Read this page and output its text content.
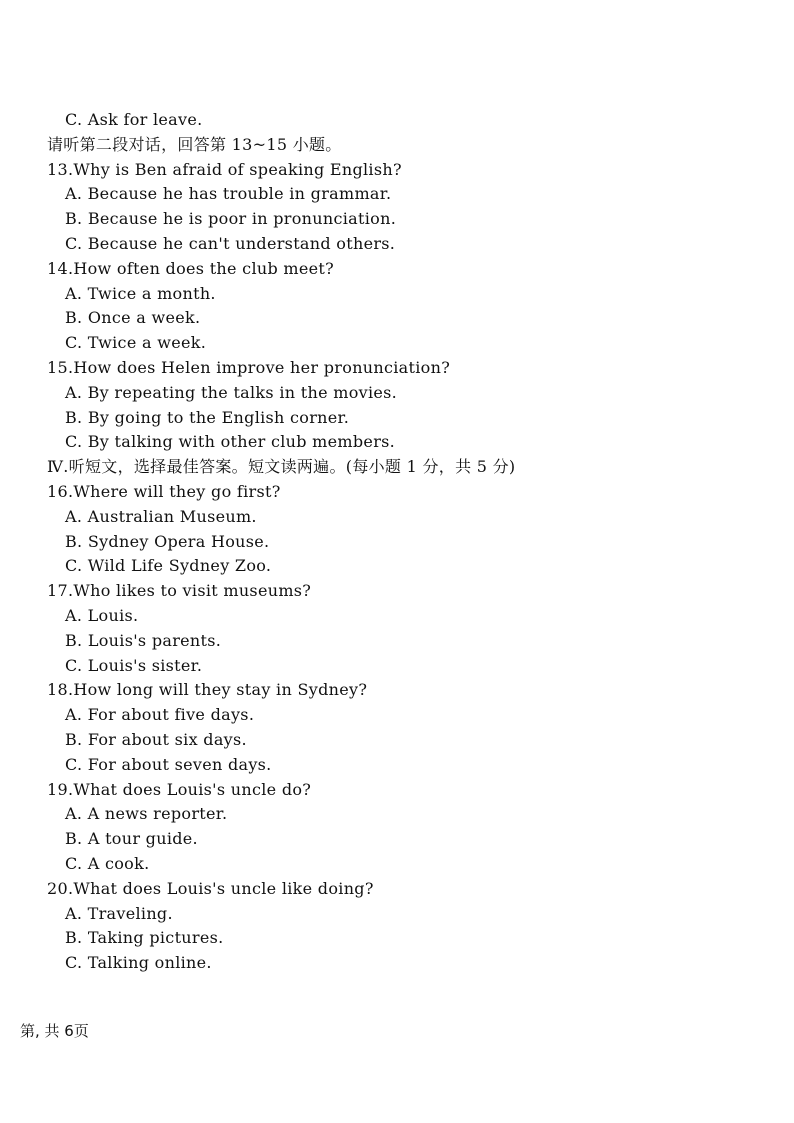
C. Ask for leave.
请听第二段对话，回答第 13~15 小题。
13.Why is Ben afraid of speaking English?
A. Because he has trouble in grammar.
B. Because he is poor in pronunciation.
C. Because he can't understand others.
14.How often does the club meet?
A. Twice a month.
B. Once a week.
C. Twice a week.
15.How does Helen improve her pronunciation?
A. By repeating the talks in the movies.
B. By going to the English corner.
C. By talking with other club members.
Ⅳ.听短文，选择最佳答案。短文读两遍。(每小题 1 分，共 5 分)
16.Where will they go first?
A. Australian Museum.
B. Sydney Opera House.
C. Wild Life Sydney Zoo.
17.Who likes to visit museums?
A. Louis.
B. Louis's parents.
C. Louis's sister.
18.How long will they stay in Sydney?
A. For about five days.
B. For about six days.
C. For about seven days.
19.What does Louis's uncle do?
A. A news reporter.
B. A tour guide.
C. A cook.
20.What does Louis's uncle like doing?
A. Traveling.
B. Taking pictures.
C. Talking online.
第, 共 6页
